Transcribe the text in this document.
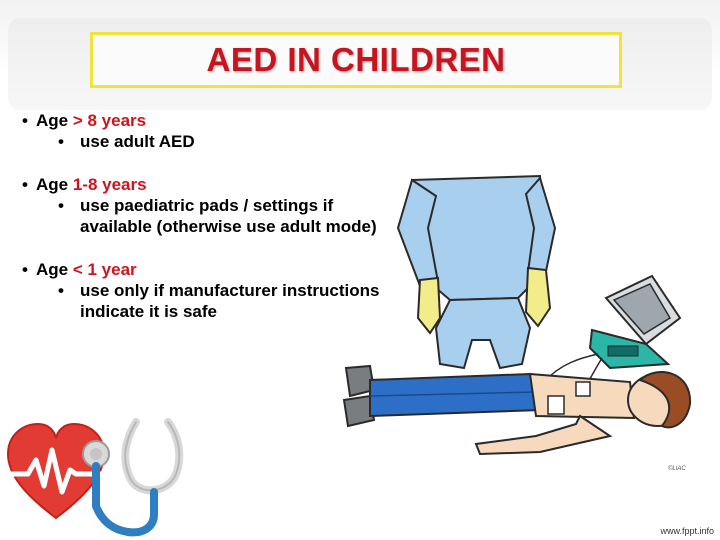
AED IN CHILDREN
• Age > 8 years
• use adult AED
• Age 1-8 years
• use paediatric pads / settings if available (otherwise use adult mode)
• Age < 1 year
• use only if manufacturer instructions indicate it is safe
©LIAC
www.fppt.info
